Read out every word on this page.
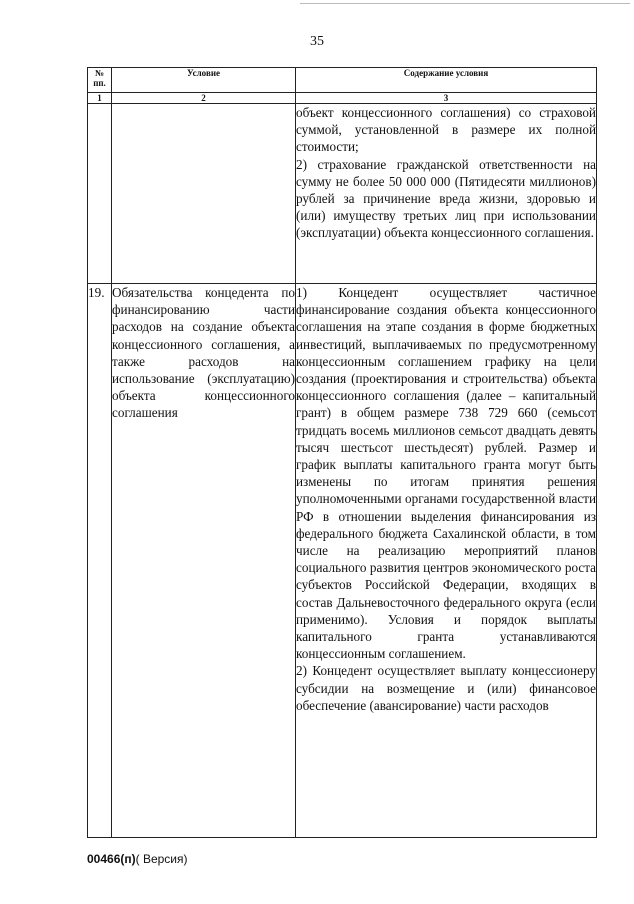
35
№
пп.	Условие	Содержание условия
1	2	3

		объект концессионного соглашения) со страховой суммой, установленной в размере их полной стоимости;

2) страхование гражданской ответственности на сумму не более 50 000 000 (Пятидесяти миллионов) рублей за причинение вреда жизни, здоровью и (или) имуществу третьих лиц при использовании (эксплуатации) объекта концессионного соглашения.

19.	Обязательства концедента по финансированию части расходов на создание объекта концессионного соглашения, а также расходов на использование (эксплуатацию) объекта концессионного соглашения	1) Концедент осуществляет частичное финансирование создания объекта концессионного соглашения на этапе создания в форме бюджетных инвестиций, выплачиваемых по предусмотренному концессионным соглашением графику на цели создания (проектирования и строительства) объекта концессионного соглашения (далее – капитальный грант) в общем размере 738 729 660 (семьсот тридцать восемь миллионов семьсот двадцать девять тысяч шестьсот шестьдесят) рублей. Размер и график выплаты капитального гранта могут быть изменены по итогам принятия решения уполномоченными органами государственной власти РФ в отношении выделения финансирования из федерального бюджета Сахалинской области, в том числе на реализацию мероприятий планов социального развития центров экономического роста субъектов Российской Федерации, входящих в состав Дальневосточного федерального округа (если применимо). Условия и порядок выплаты капитального гранта устанавливаются концессионным соглашением.

2) Концедент осуществляет выплату концессионеру субсидии на возмещение и (или) финансовое обеспечение (авансирование) части расходов

00466(п)( Версия)
